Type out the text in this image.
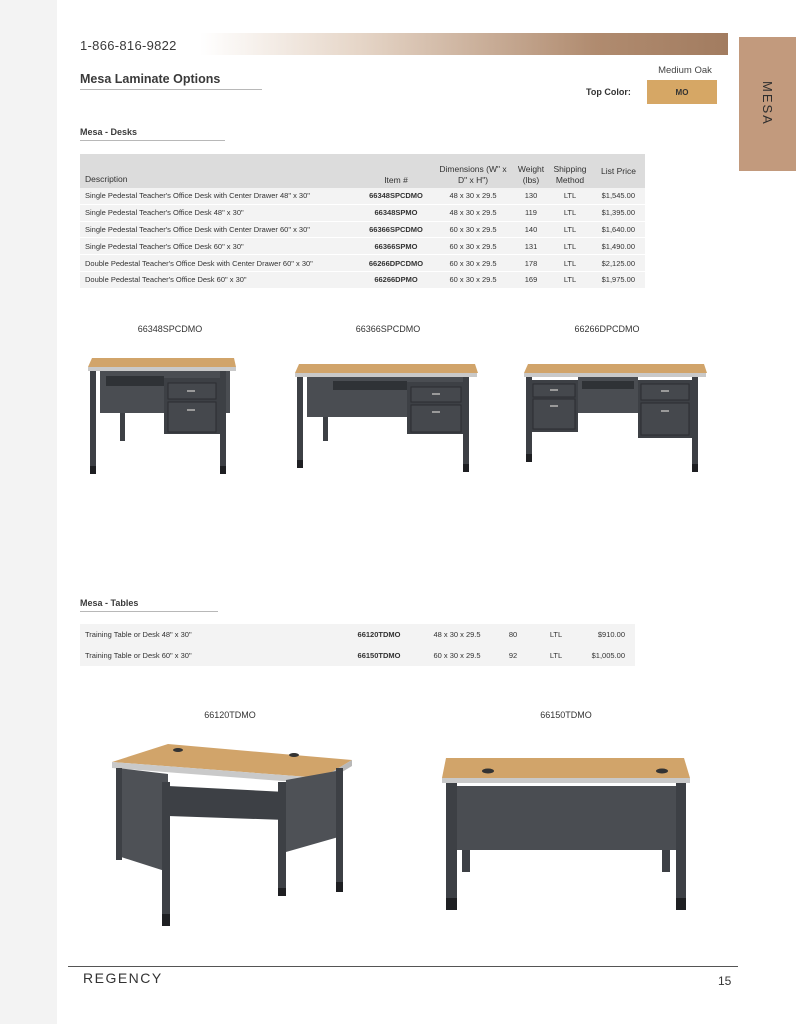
1-866-816-9822
MESA
Mesa Laminate Options
Medium Oak
Top Color:	MO
Mesa - Desks
Description	Item #	Dimensions (W" x D" x H")	Weight (lbs)	Shipping Method	List Price
Single Pedestal Teacher's Office Desk with Center Drawer 48" x 30"	66348SPCDMO	48 x 30 x 29.5	130	LTL	$1,545.00
Single Pedestal Teacher's Office Desk 48" x 30"	66348SPMO	48 x 30 x 29.5	119	LTL	$1,395.00
Single Pedestal Teacher's Office Desk with Center Drawer 60" x 30"	66366SPCDMO	60 x 30 x 29.5	140	LTL	$1,640.00
Single Pedestal Teacher's Office Desk 60" x 30"	66366SPMO	60 x 30 x 29.5	131	LTL	$1,490.00
Double Pedestal Teacher's Office Desk with Center Drawer 60" x 30"	66266DPCDMO	60 x 30 x 29.5	178	LTL	$2,125.00
Double Pedestal Teacher's Office Desk 60" x 30"	66266DPMO	60 x 30 x 29.5	169	LTL	$1,975.00
66348SPCDMO	66366SPCDMO	66266DPCDMO
Mesa - Tables
Training Table or Desk 48" x 30"	66120TDMO	48 x 30 x 29.5	80	LTL	$910.00
Training Table or Desk 60" x 30"	66150TDMO	60 x 30 x 29.5	92	LTL	$1,005.00
66120TDMO	66150TDMO
REGENCY	15
